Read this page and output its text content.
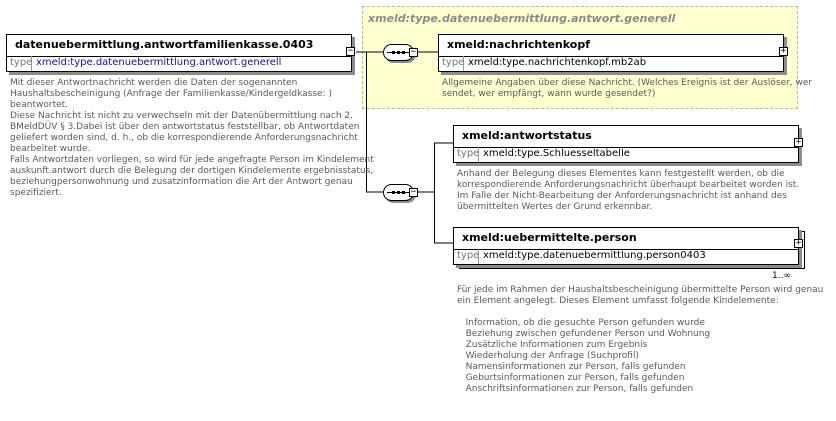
xmeld:type.datenuebermittlung.antwort.generell
datenuebermittlung.antwortfamilienkasse.0403
type xmeld:type.datenuebermittlung.antwort.generell
−
Mit dieser Antwortnachricht werden die Daten der sogenannten
Haushaltsbescheinigung (Anfrage der Familienkasse/Kindergeldkasse: )
beantwortet.
Diese Nachricht ist nicht zu verwechseln mit der Datenübermittlung nach 2.
BMeldDÜV § 3.Dabei ist über den antwortstatus feststellbar, ob Antwortdaten
geliefert worden sind, d. h., ob die korrespondierende Anforderungsnachricht
bearbeitet wurde.
Falls Antwortdaten vorliegen, so wird für jede angefragte Person im Kindelement
auskunft.antwort durch die Belegung der dortigen Kindelemente ergebnisstatus,
beziehungpersonwohnung und zusatzinformation die Art der Antwort genau
spezifiziert.
−
xmeld:nachrichtenkopf
type xmeld:type.nachrichtenkopf.mb2ab
+
Allgemeine Angaben über diese Nachricht. (Welches Ereignis ist der Auslöser, wer
sendet, wer empfängt, wann wurde gesendet?)
−
xmeld:antwortstatus
type xmeld:type.Schluesseltabelle
+
Anhand der Belegung dieses Elementes kann festgestellt werden, ob die
korrespondierende Anforderungsnachricht überhaupt bearbeitet worden ist.
Im Falle der Nicht-Bearbeitung der Anforderungsnachricht ist anhand des
übermittelten Wertes der Grund erkennbar.
xmeld:uebermittelte.person
type xmeld:type.datenuebermittlung.person0403
+
1..∞
Für jede im Rahmen der Haushaltsbescheinigung übermittelte Person wird genau
ein Element angelegt. Dieses Element umfasst folgende Kindelemente:

Information, ob die gesuchte Person gefunden wurde
Beziehung zwischen gefundener Person und Wohnung
Zusätzliche Informationen zum Ergebnis
Wiederholung der Anfrage (Suchprofil)
Namensinformationen zur Person, falls gefunden
Geburtsinformationen zur Person, falls gefunden
Anschriftsinformationen zur Person, falls gefunden
